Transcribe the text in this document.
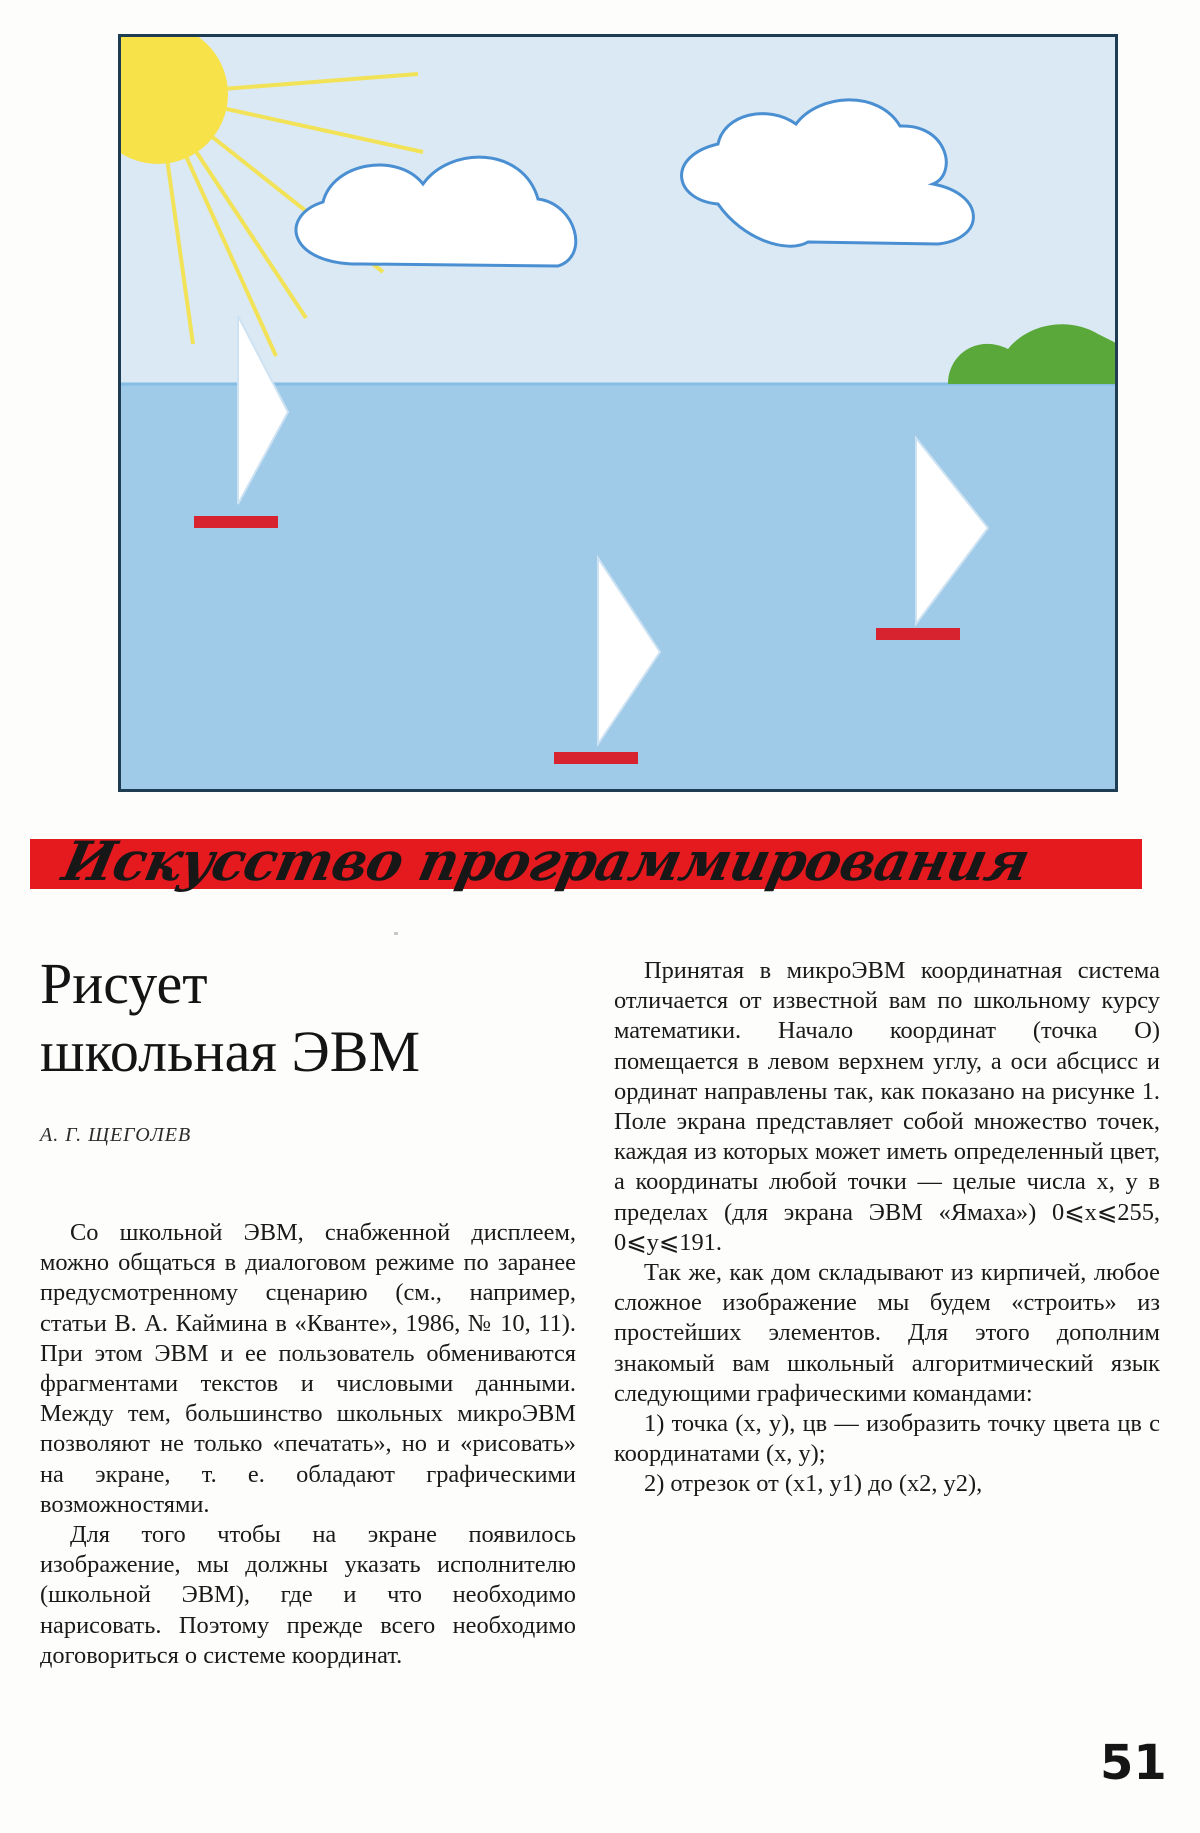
Искусство программирования
Рисует
школьная ЭВМ
А. Г. ЩЕГОЛЕВ

Со школьной ЭВМ, снабженной дисплеем, можно общаться в диалоговом режиме по заранее предусмотренному сценарию (см., например, статьи В. А. Каймина в «Кванте», 1986, № 10, 11). При этом ЭВМ и ее пользователь обмениваются фрагментами текстов и числовыми данными. Между тем, большинство школьных микроЭВМ позволяют не только «печатать», но и «рисовать» на экране, т. е. обладают графическими возможностями.

Для того чтобы на экране появилось изображение, мы должны указать исполнителю (школьной ЭВМ), где и что необходимо нарисовать. Поэтому прежде всего необходимо договориться о системе координат.

Принятая в микроЭВМ координатная система отличается от известной вам по школьному курсу математики. Начало координат (точка O) помещается в левом верхнем углу, а оси абсцисс и ординат направлены так, как показано на рисунке 1. Поле экрана представляет собой множество точек, каждая из которых может иметь определенный цвет, а координаты любой точки — целые числа x, y в пределах (для экрана ЭВМ «Ямаха») 0⩽x⩽255, 0⩽y⩽191.

Так же, как дом складывают из кирпичей, любое сложное изображение мы будем «строить» из простейших элементов. Для этого дополним знакомый вам школьный алгоритмический язык следующими графическими командами:

1) точка (x, y), цв — изобразить точку цвета цв с координатами (x, y);

2) отрезок от (x1, y1) до (x2, y2),

51
